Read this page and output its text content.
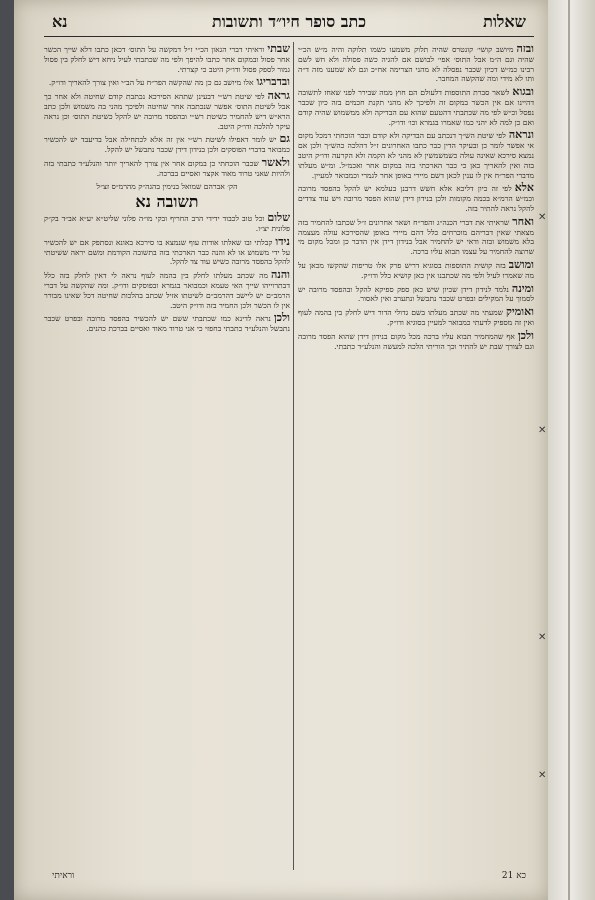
✕
✕
✕
✕
שאלות
כתב סופר חיו״ד ותשובות
נא

ובזהמיושב קושי׳ קונטרס שהיה תלוק משמעו כשמו תלוקה והיה מ״ש הכ״י שהיה וגם ה״מ אבל התוס׳ אפי׳ לבושם אם להגיה כשה פסולה ולא חש לשם רבינו כמ״ש דכיון שכבר נפסלה לא מהני הצרימה אח״כ וגם לא שמענו מזה ד״ה ותו לא מידי ומה שהקשה המחבר.

ובגואלשאר סברת התוספות דלעולם הם חוץ ממה שבירר לפני שאחז לתשובה דהיינו אם אין הכשר במקום זה ולפיכך לא מהני תקנת חכמים בזה כיון שכבר נפסל וכ״ש לפי מה שכתבתי דהטעם שהוא עם הבדיקה ולא ממשמוש שהיה קודם ואם כן למה לא יהני כמו שאמרו בגמרא וכו׳ ודו״ק.

ונראהלפי שיטת הש״ך דנכתב עם הבדיקה ולא קודם וכבר הוכחתי דמכל מקום אי אפשר לומר כן ובעיקר הדין כבר כתבו האחרונים ז״ל דהלכה כהש״ך ולכן אם נמצא סירכא שאינה עולה כשמשמשין לא מהני לא הקמה ולא הקרעה ודו״ק היטב בזה ואין להאריך כאן כי כבר הארכתי בזה במקום אחר ואכמ״ל. ומ״ש מעלתו מדברי הפר״ח אין לו ענין לכאן דשם מיירי באופן אחר לגמרי וכמבואר למעיין.

אלאלפי זה כיון דליכא אלא חשש דרבנן בעלמא יש להקל בהפסד מרובה וכמ״ש הרמ״א בכמה מקומות ולכן בנידון דידן שהוא הפסד מרובה ויש עוד צדדים להקל נראה להתיר בזה.

ואחרשראיתי את דברי הכנה״ג והפר״ח ושאר אחרונים ז״ל שכתבו להחמיר בזה מצאתי שאין דבריהם מוכרחים כלל דהם מיירי באופן שהסירכא עולה מעצמה בלא משמוש ובזה ודאי יש להחמיר אבל בנידון דידן אין הדבר כן ומכל מקום מי שרוצה להחמיר על עצמו תבוא עליו ברכה.

ומושבבזה קושית התוספות בסוגיא דריש פרק אלו טריפות שהקשו מכאן על מה שאמרו לעיל ולפי מה שכתבנו אין כאן קושיא כלל ודו״ק.

ומינהנלמד לנידון דידן שכיון שיש כאן ספק ספיקא להקל ובהפסד מרובה יש לסמוך על המקילים ובפרט שכבר נתבשל ונתערב ואין לאסור.

ואומיקשמעתי מה שכתב מעלתו בשם גדולי הדור דיש לחלק בין בהמה לעוף ואין זה מספיק לדעתי כמבואר למעיין בסוגיא ודו״ק.

ולכןאף שהמחמיר תבוא עליו ברכה מכל מקום בנידון דידן שהוא הפסד מרובה וגם לצורך שבת יש להתיר וכך הוריתי הלכה למעשה והנלע״ד כתבתי.

שבתיוראיתי דברי הגאון הכ״י ז״ל דמקשה על התוס׳ דכאן כתבו דלא שייך הכשר אחר פסול ובמקום אחר כתבו להיפך ולפי מה שכתבתי לעיל ניחא דיש לחלק בין פסול גמור לספק פסול ודו״ק היטב כי קצרתי.

ובדבריגואלו מיושב גם כן מה שהקשה הפר״ח על הב״י ואין צורך להאריך ודו״ק.

גראהלפי שיטת רש״י דבעינן שתהא הסירכא נכתבת קודם שחיטה ולא אחר כך אבל לשיטת התוס׳ אפשר שנכתבה אחר שחיטה ולפיכך מהני בה משמוש ולכן כתב הרא״ש דיש להחמיר כשיטת רש״י ובהפסד מרובה יש להקל כשיטת התוס׳ וכן נראה עיקר להלכה ודו״ק היטב.

גםיש לומר דאפילו לשיטת רש״י אין זה אלא לכתחילה אבל בדיעבד יש להכשיר כמבואר בדברי הפוסקים ולכן בנידון דידן שכבר נתבשל יש להקל.

ולאשרשכבר הוכחתי כן במקום אחר אין צורך להאריך יותר והנלע״ד כתבתי בזה ולהיות שאני טרוד מאוד אקצר ואסיים בברכה.

הק׳ אברהם שמואל בנימין בהגה״ק מהרמ״ס זצ״ל
תשובה נא

שלוםוכל טוב לכבוד ידידי הרב החריף ובקי מו״ה פלוני שליט״א יע״א אב״ד בק״ק פלונית יצ״ו.

נידוקבלתי ובו שאלתו אודות עוף שנמצא בו סירכא באונא ונסתפק אם יש להכשיר על ידי משמוש או לא והנה כבר הארכתי בזה בתשובה הקודמת ומשם יראה ששיטתי להקל בהפסד מרובה כשיש עוד צד להקל.

והנהמה שכתב מעלתו לחלק בין בהמה לעוף נראה לי דאין לחלק בזה כלל דבתרוייהו שייך האי טעמא וכמבואר בגמרא ובפוסקים ודו״ק. ומה שהקשה על דברי הרמב״ם יש ליישב דהרמב״ם לשיטתו אזיל שכתב בהלכות שחיטה דכל שאינו מבורר אין לו הכשר ולכן החמיר בזה ודו״ק היטב.

ולכןנראה לדינא כמו שכתבתי ששם יש להכשיר בהפסד מרובה ובפרט שכבר נתבשל והנלע״ד כתבתי בחפזי כי אני טרוד מאוד ואסיים בברכת כהנים.

כא 21
וראיתי
